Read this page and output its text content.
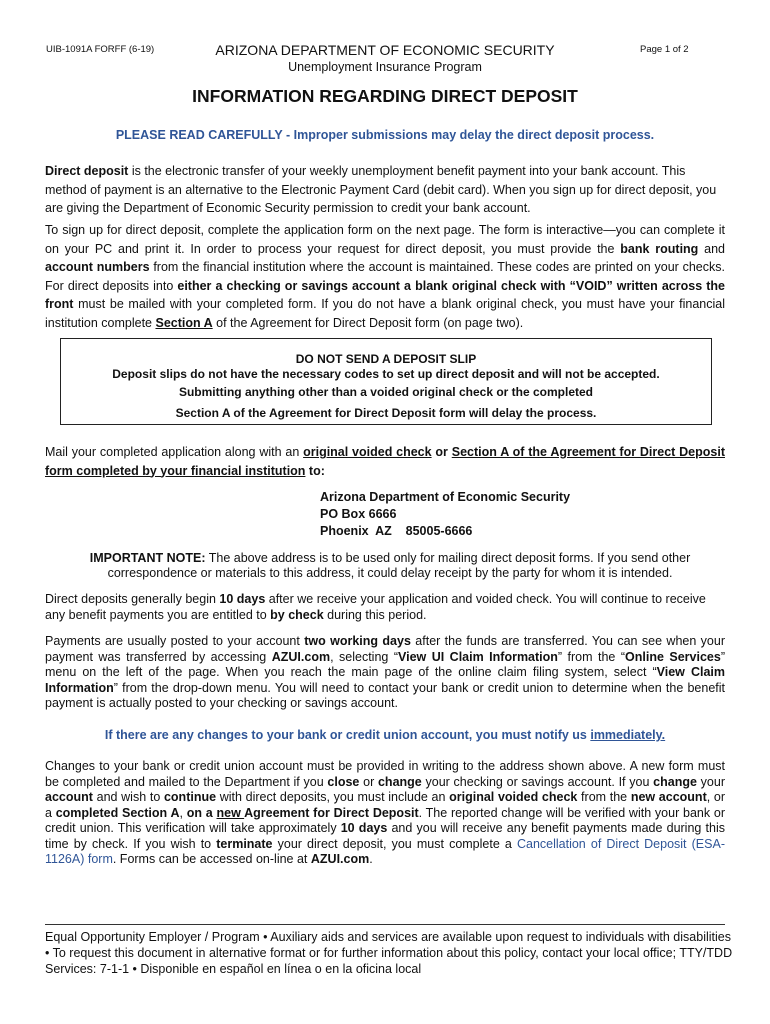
UIB-1091A FORFF (6-19)	ARIZONA DEPARTMENT OF ECONOMIC SECURITY	Page 1 of 2
Unemployment Insurance Program
INFORMATION REGARDING DIRECT DEPOSIT
PLEASE READ CAREFULLY - Improper submissions may delay the direct deposit process.
Direct deposit is the electronic transfer of your weekly unemployment benefit payment into your bank account. This method of payment is an alternative to the Electronic Payment Card (debit card). When you sign up for direct deposit, you are giving the Department of Economic Security permission to credit your bank account.
To sign up for direct deposit, complete the application form on the next page. The form is interactive—you can complete it on your PC and print it. In order to process your request for direct deposit, you must provide the bank routing and account numbers from the financial institution where the account is maintained. These codes are printed on your checks. For direct deposits into either a checking or savings account a blank original check with “VOID” written across the front must be mailed with your completed form. If you do not have a blank original check, you must have your financial institution complete Section A of the Agreement for Direct Deposit form (on page two).
DO NOT SEND A DEPOSIT SLIP
Deposit slips do not have the necessary codes to set up direct deposit and will not be accepted.
Submitting anything other than a voided original check or the completed
Section A of the Agreement for Direct Deposit form will delay the process.
Mail your completed application along with an original voided check or Section A of the Agreement for Direct Deposit form completed by your financial institution to:
Arizona Department of Economic Security
PO Box 6666
Phoenix  AZ    85005-6666
IMPORTANT NOTE: The above address is to be used only for mailing direct deposit forms. If you send other correspondence or materials to this address, it could delay receipt by the party for whom it is intended.
Direct deposits generally begin 10 days after we receive your application and voided check. You will continue to receive any benefit payments you are entitled to by check during this period.
Payments are usually posted to your account two working days after the funds are transferred. You can see when your payment was transferred by accessing AZUI.com, selecting “View UI Claim Information” from the “Online Services” menu on the left of the page. When you reach the main page of the online claim filing system, select “View Claim Information” from the drop-down menu. You will need to contact your bank or credit union to determine when the benefit payment is actually posted to your checking or savings account.
If there are any changes to your bank or credit union account, you must notify us immediately.
Changes to your bank or credit union account must be provided in writing to the address shown above. A new form must be completed and mailed to the Department if you close or change your checking or savings account. If you change your account and wish to continue with direct deposits, you must include an original voided check from the new account, or a completed Section A, on a new Agreement for Direct Deposit. The reported change will be verified with your bank or credit union. This verification will take approximately 10 days and you will receive any benefit payments made during this time by check. If you wish to terminate your direct deposit, you must complete a Cancellation of Direct Deposit (ESA-1126A) form. Forms can be accessed on-line at AZUI.com.
Equal Opportunity Employer / Program • Auxiliary aids and services are available upon request to individuals with disabilities • To request this document in alternative format or for further information about this policy, contact your local office; TTY/TDD Services: 7-1-1 • Disponible en español en línea o en la oficina local
